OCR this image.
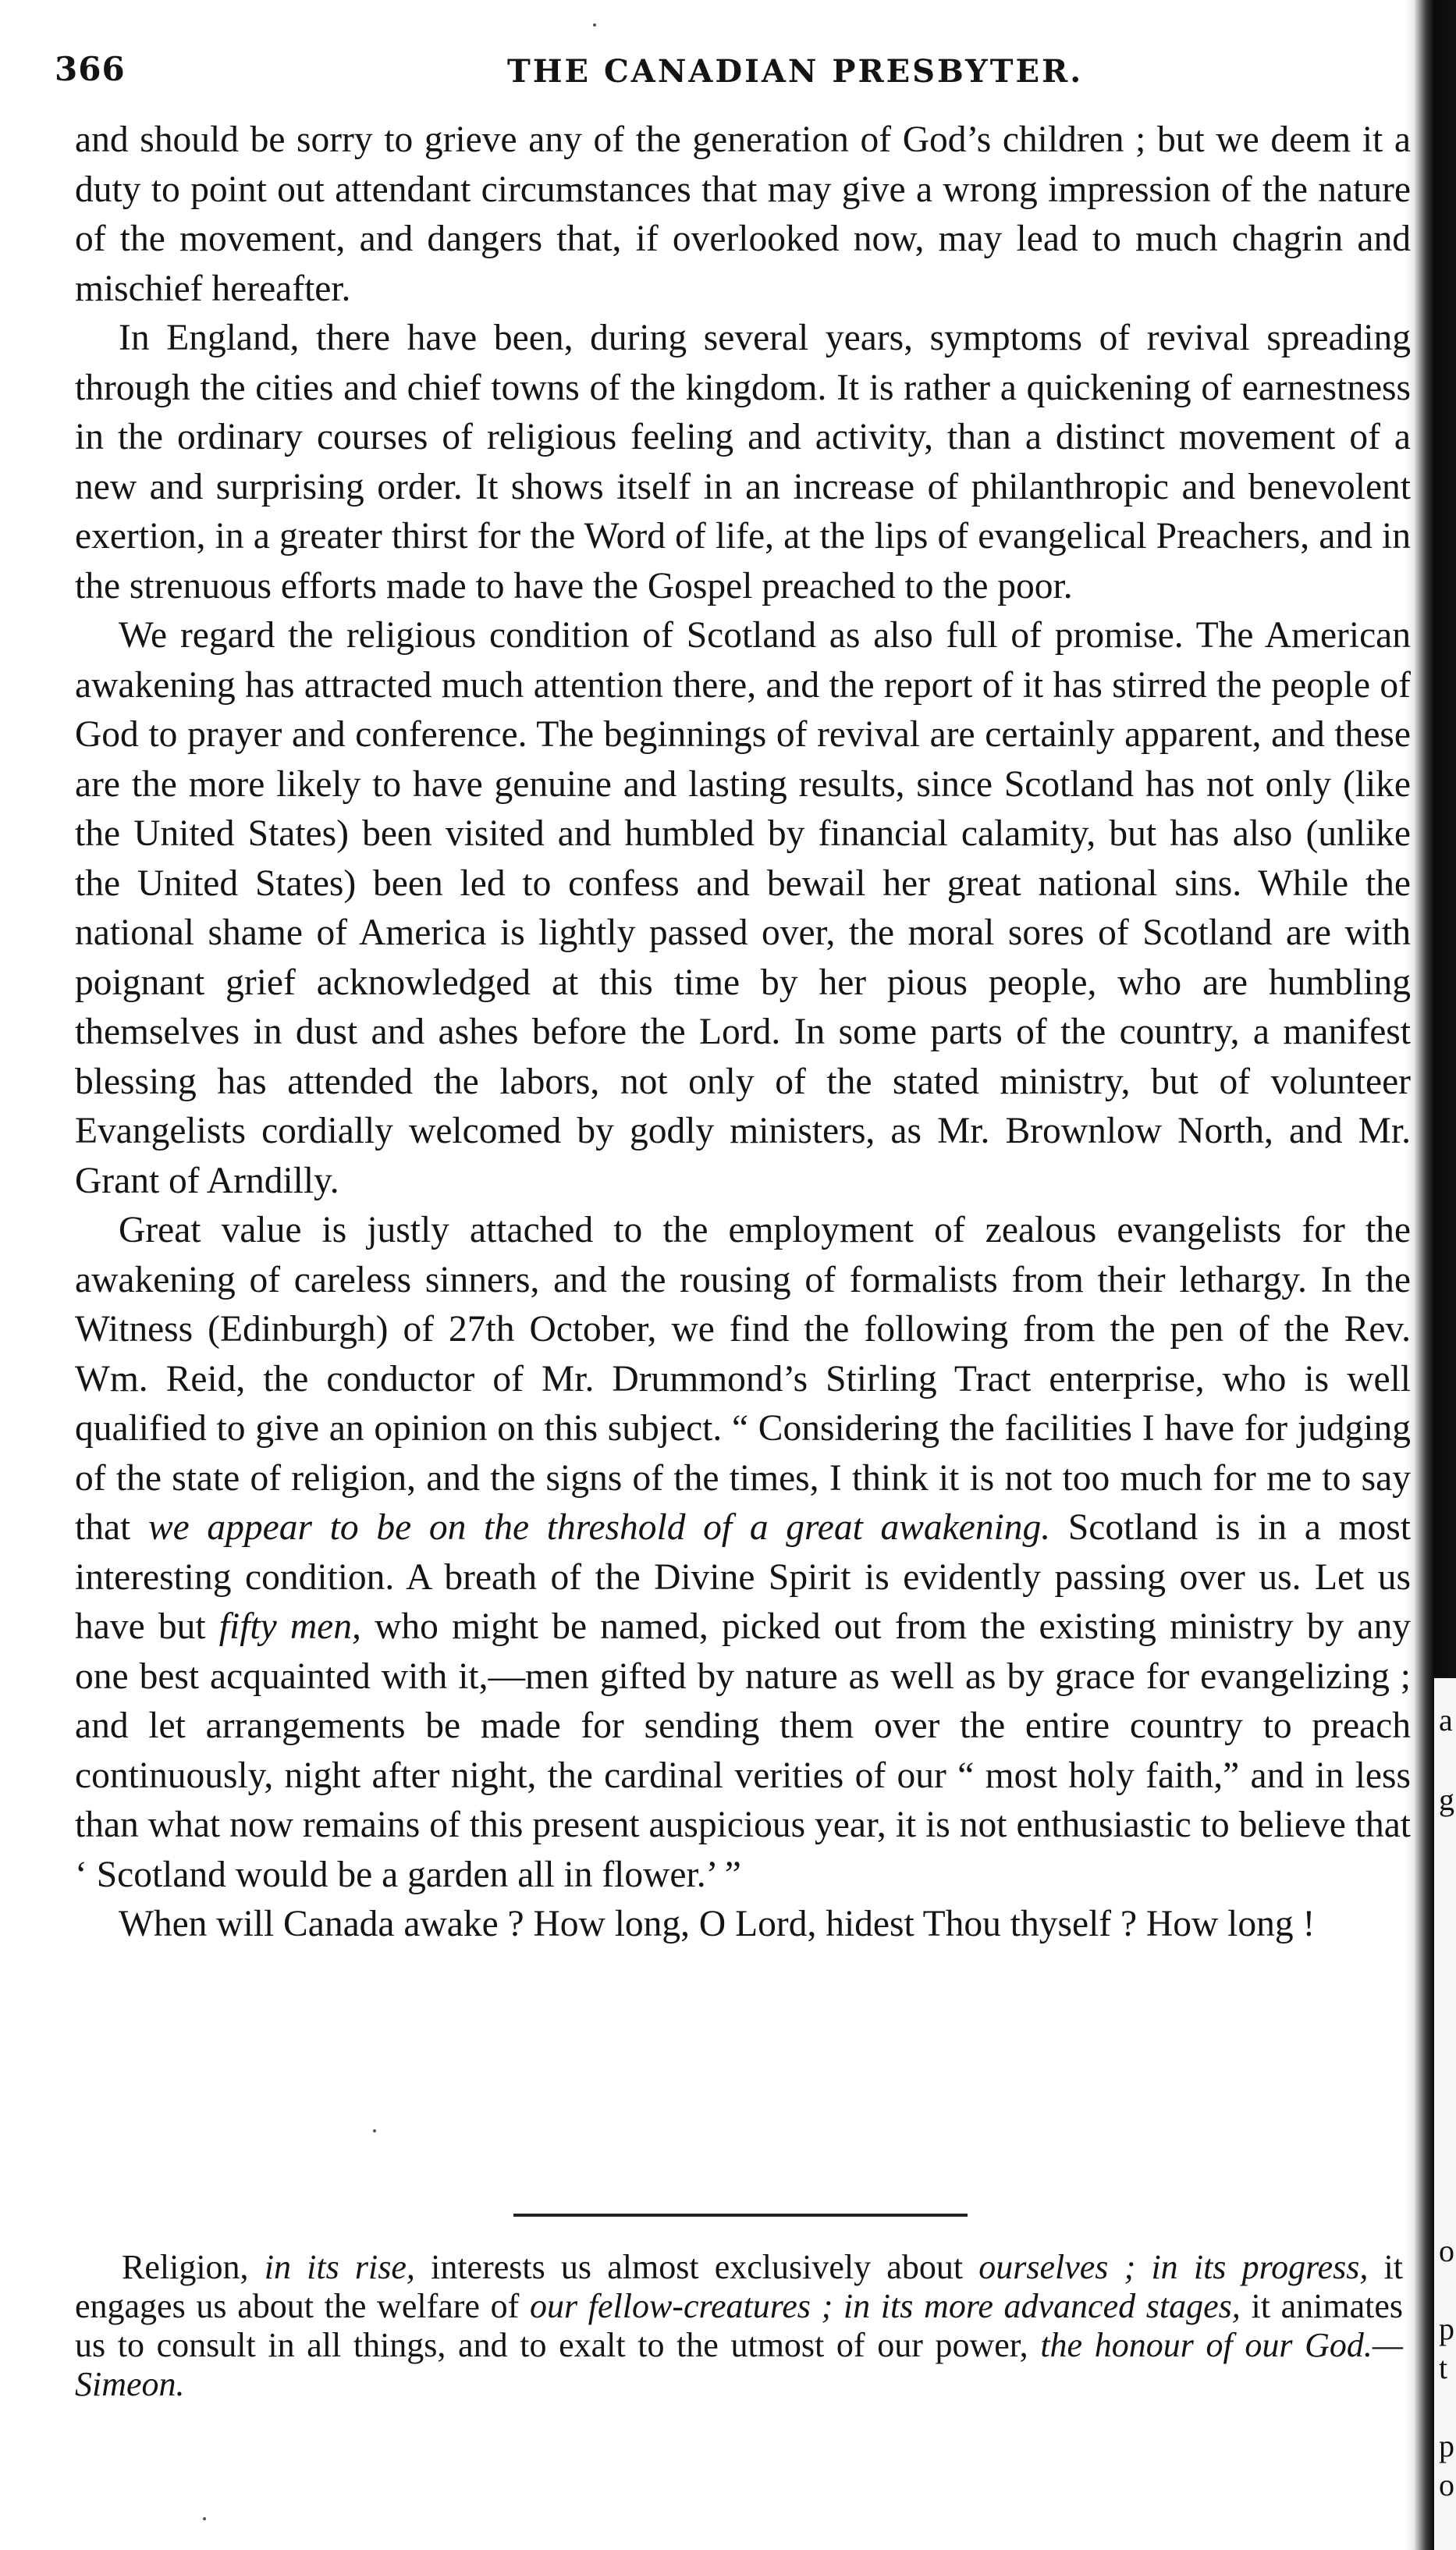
a
g
o
p
t
p
o
366	THE CANADIAN PRESBYTER.

and should be sorry to grieve any of the generation of God’s children ; but we deem it a duty to point out attendant circumstances that may give a wrong impression of the nature of the movement, and dangers that, if overlooked now, may lead to much chagrin and mischief hereafter.

In England, there have been, during several years, symptoms of revival spreading through the cities and chief towns of the kingdom. It is rather a quickening of earnestness in the ordinary courses of religious feeling and activity, than a distinct movement of a new and surprising order. It shows itself in an increase of philanthropic and benevolent exertion, in a greater thirst for the Word of life, at the lips of evangelical Preachers, and in the strenuous efforts made to have the Gospel preached to the poor.

We regard the religious condition of Scotland as also full of promise. The American awakening has attracted much attention there, and the report of it has stirred the people of God to prayer and conference. The beginnings of revival are certainly apparent, and these are the more likely to have genuine and lasting results, since Scotland has not only (like the United States) been visited and humbled by financial calamity, but has also (unlike the United States) been led to confess and bewail her great national sins. While the national shame of America is lightly passed over, the moral sores of Scotland are with poignant grief acknowledged at this time by her pious people, who are humbling themselves in dust and ashes before the Lord. In some parts of the country, a manifest blessing has attended the labors, not only of the stated ministry, but of volunteer Evangelists cordially welcomed by godly ministers, as Mr. Brownlow North, and Mr. Grant of Arndilly.

Great value is justly attached to the employment of zealous evangelists for the awakening of careless sinners, and the rousing of formalists from their lethargy. In the Witness (Edinburgh) of 27th October, we find the following from the pen of the Rev. Wm. Reid, the conductor of Mr. Drummond’s Stirling Tract enterprise, who is well qualified to give an opinion on this subject. “ Considering the facilities I have for judging of the state of religion, and the signs of the times, I think it is not too much for me to say that we appear to be on the threshold of a great awakening. Scotland is in a most interesting condition. A breath of the Divine Spirit is evidently passing over us. Let us have but fifty men, who might be named, picked out from the existing ministry by any one best acquainted with it,—men gifted by nature as well as by grace for evangelizing ; and let arrangements be made for sending them over the entire country to preach continuously, night after night, the cardinal verities of our “ most holy faith,” and in less than what now remains of this present auspicious year, it is not enthusiastic to believe that ‘ Scotland would be a garden all in flower.’ ”

When will Canada awake ? How long, O Lord, hidest Thou thyself ? How long !

Religion, in its rise, interests us almost exclusively about ourselves ; in its progress, it engages us about the welfare of our fellow-creatures ; in its more advanced stages, it animates us to consult in all things, and to exalt to the utmost of our power, the honour of our God.—Simeon.
